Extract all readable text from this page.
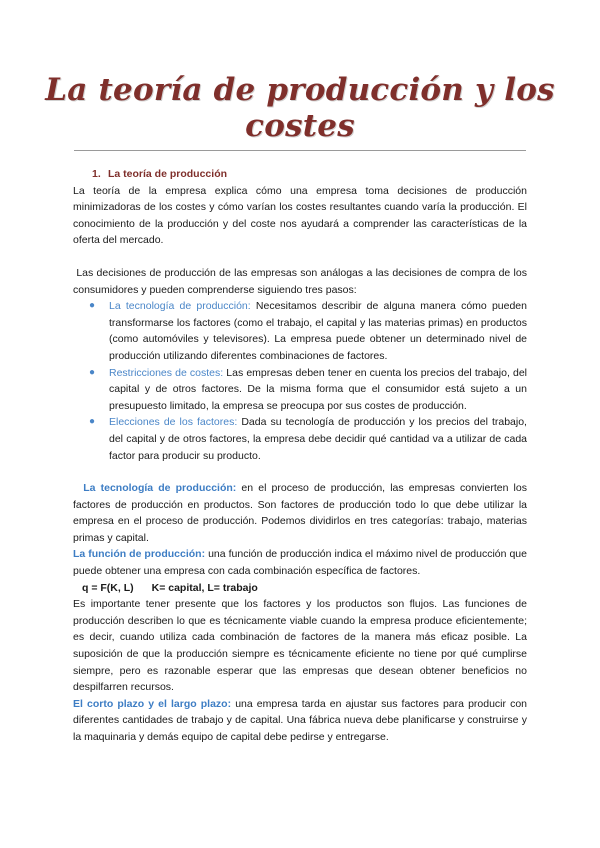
La teoría de producción y los costes

1. La teoría de producción

La teoría de la empresa explica cómo una empresa toma decisiones de producción minimizadoras de los costes y cómo varían los costes resultantes cuando varía la producción. El conocimiento de la producción y del coste nos ayudará a comprender las características de la oferta del mercado.

Las decisiones de producción de las empresas son análogas a las decisiones de compra de los consumidores y pueden comprenderse siguiendo tres pasos:

● La tecnología de producción: Necesitamos describir de alguna manera cómo pueden transformarse los factores (como el trabajo, el capital y las materias primas) en productos (como automóviles y televisores). La empresa puede obtener un determinado nivel de producción utilizando diferentes combinaciones de factores.
● Restricciones de costes: Las empresas deben tener en cuenta los precios del trabajo, del capital y de otros factores. De la misma forma que el consumidor está sujeto a un presupuesto limitado, la empresa se preocupa por sus costes de producción.
● Elecciones de los factores: Dada su tecnología de producción y los precios del trabajo, del capital y de otros factores, la empresa debe decidir qué cantidad va a utilizar de cada factor para producir su producto.

La tecnología de producción: en el proceso de producción, las empresas convierten los factores de producción en productos. Son factores de producción todo lo que debe utilizar la empresa en el proceso de producción. Podemos dividirlos en tres categorías: trabajo, materias primas y capital.

La función de producción: una función de producción indica el máximo nivel de producción que puede obtener una empresa con cada combinación específica de factores.

q = F(K, L) K= capital, L= trabajo

Es importante tener presente que los factores y los productos son flujos. Las funciones de producción describen lo que es técnicamente viable cuando la empresa produce eficientemente; es decir, cuando utiliza cada combinación de factores de la manera más eficaz posible. La suposición de que la producción siempre es técnicamente eficiente no tiene por qué cumplirse siempre, pero es razonable esperar que las empresas que desean obtener beneficios no despilfarren recursos.

El corto plazo y el largo plazo: una empresa tarda en ajustar sus factores para producir con diferentes cantidades de trabajo y de capital. Una fábrica nueva debe planificarse y construirse y la maquinaria y demás equipo de capital debe pedirse y entregarse.
